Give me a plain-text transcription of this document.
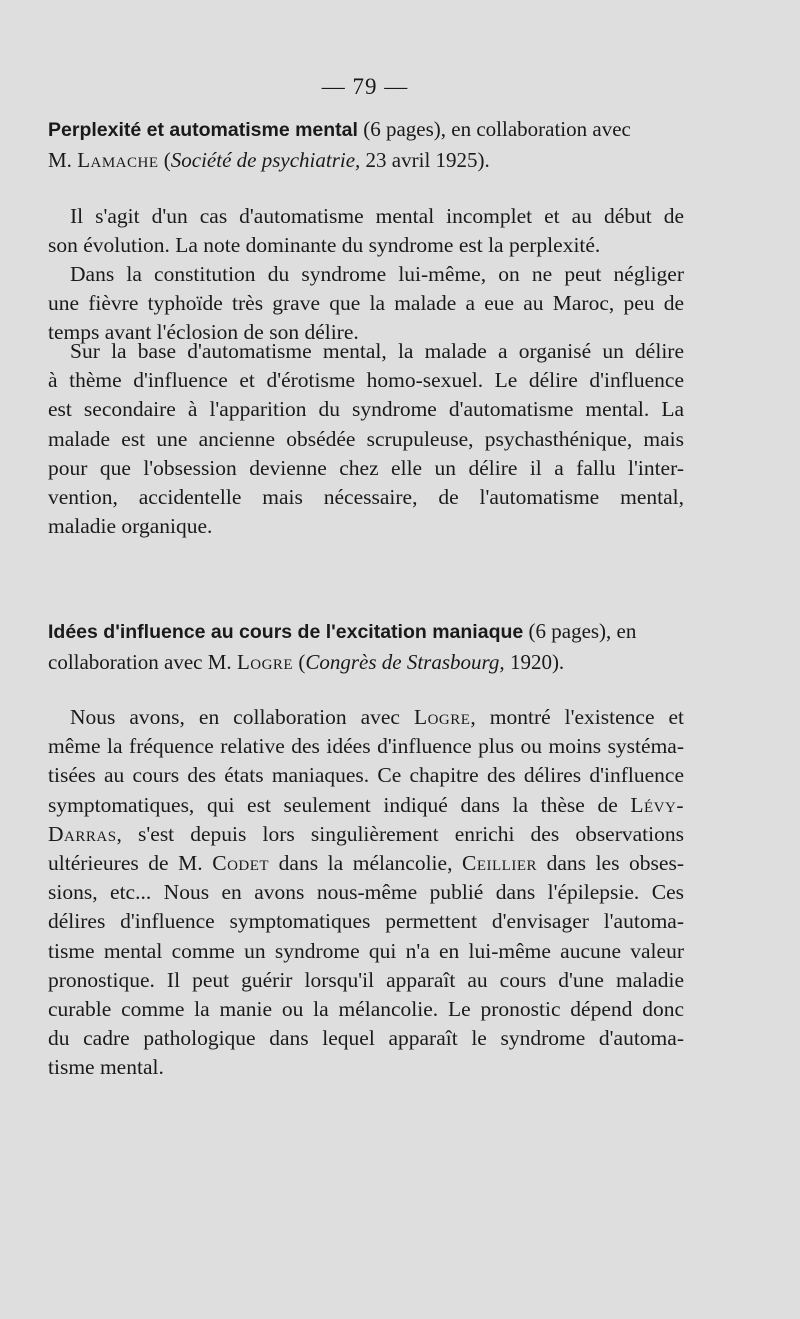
— 79 —
Perplexité et automatisme mental (6 pages), en collaboration avec
M. Lamache (Société de psychiatrie, 23 avril 1925).
Il s'agit d'un cas d'automatisme mental incomplet et au début de
son évolution. La note dominante du syndrome est la perplexité.
Dans la constitution du syndrome lui-même, on ne peut négliger
une fièvre typhoïde très grave que la malade a eue au Maroc, peu de
temps avant l'éclosion de son délire.
Sur la base d'automatisme mental, la malade a organisé un délire
à thème d'influence et d'érotisme homo-sexuel. Le délire d'influence
est secondaire à l'apparition du syndrome d'automatisme mental. La
malade est une ancienne obsédée scrupuleuse, psychasthénique, mais
pour que l'obsession devienne chez elle un délire il a fallu l'inter-
vention, accidentelle mais nécessaire, de l'automatisme mental,
maladie organique.
Idées d'influence au cours de l'excitation maniaque (6 pages), en
collaboration avec M. Logre (Congrès de Strasbourg, 1920).
Nous avons, en collaboration avec Logre, montré l'existence et
même la fréquence relative des idées d'influence plus ou moins systéma-
tisées au cours des états maniaques. Ce chapitre des délires d'influence
symptomatiques, qui est seulement indiqué dans la thèse de Lévy-
Darras, s'est depuis lors singulièrement enrichi des observations
ultérieures de M. Codet dans la mélancolie, Ceillier dans les obses-
sions, etc... Nous en avons nous-même publié dans l'épilepsie. Ces
délires d'influence symptomatiques permettent d'envisager l'automa-
tisme mental comme un syndrome qui n'a en lui-même aucune valeur
pronostique. Il peut guérir lorsqu'il apparaît au cours d'une maladie
curable comme la manie ou la mélancolie. Le pronostic dépend donc
du cadre pathologique dans lequel apparaît le syndrome d'automa-
tisme mental.
